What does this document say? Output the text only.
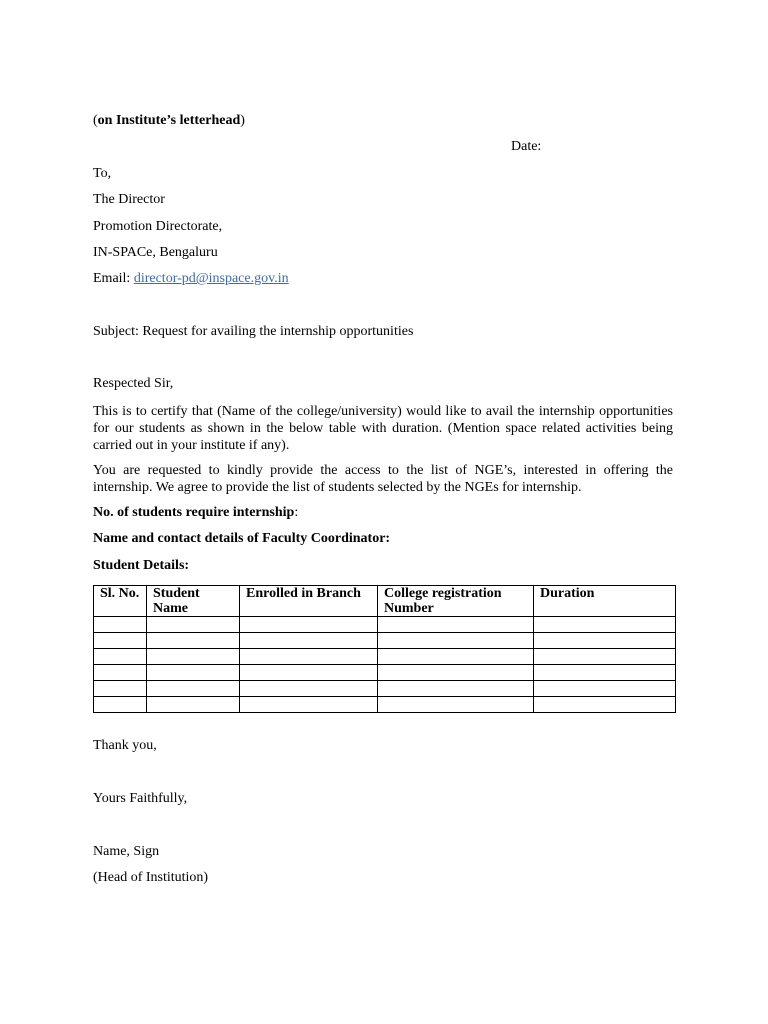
(on Institute’s letterhead)
Date:
To,
The Director
Promotion Directorate,
IN-SPACe, Bengaluru
Email: director-pd@inspace.gov.in
Subject: Request for availing the internship opportunities
Respected Sir,
This is to certify that (Name of the college/university) would like to avail the internship opportunities for our students as shown in the below table with duration. (Mention space related activities being carried out in your institute if any).
You are requested to kindly provide the access to the list of NGE’s, interested in offering the internship. We agree to provide the list of students selected by the NGEs for internship.
No. of students require internship:
Name and contact details of Faculty Coordinator:
Student Details:
Sl. No.	Student Name	Enrolled in Branch	College registration Number	Duration

Thank you,
Yours Faithfully,
Name, Sign
(Head of Institution)
